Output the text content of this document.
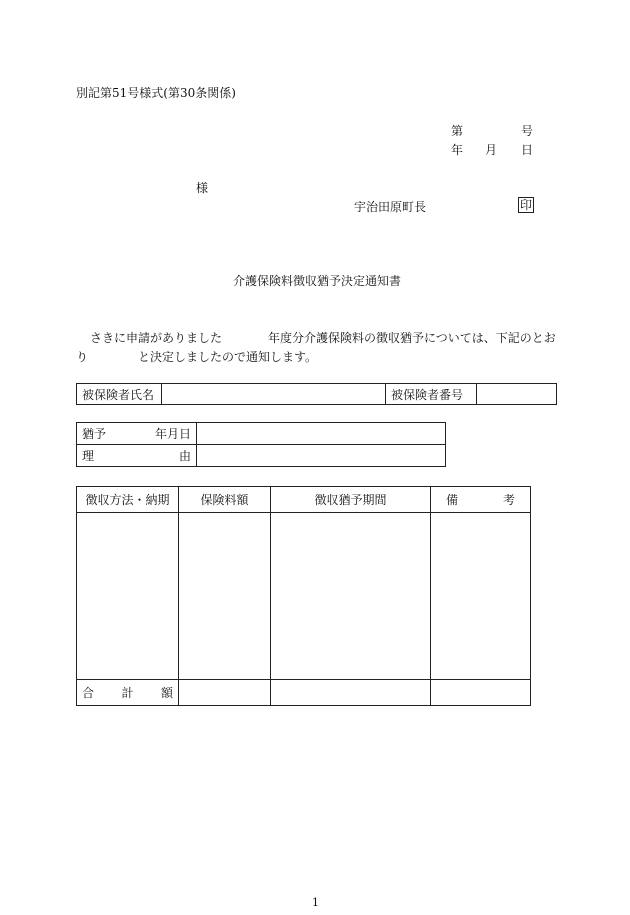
別記第51号様式(第30条関係)
第	号
年 月 日
様
宇治田原町長	印
介護保険料徴収猶予決定通知書
さきに申請がありました	年度分介護保険料の徴収猶予については、下記のとお
り	と決定しましたので通知します。
被保険者氏名		被保険者番号	
猶予 年月日	

理 由	

徴収方法・納期	保険料額	徴収猶予期間	備 考

合 計 額			

1
